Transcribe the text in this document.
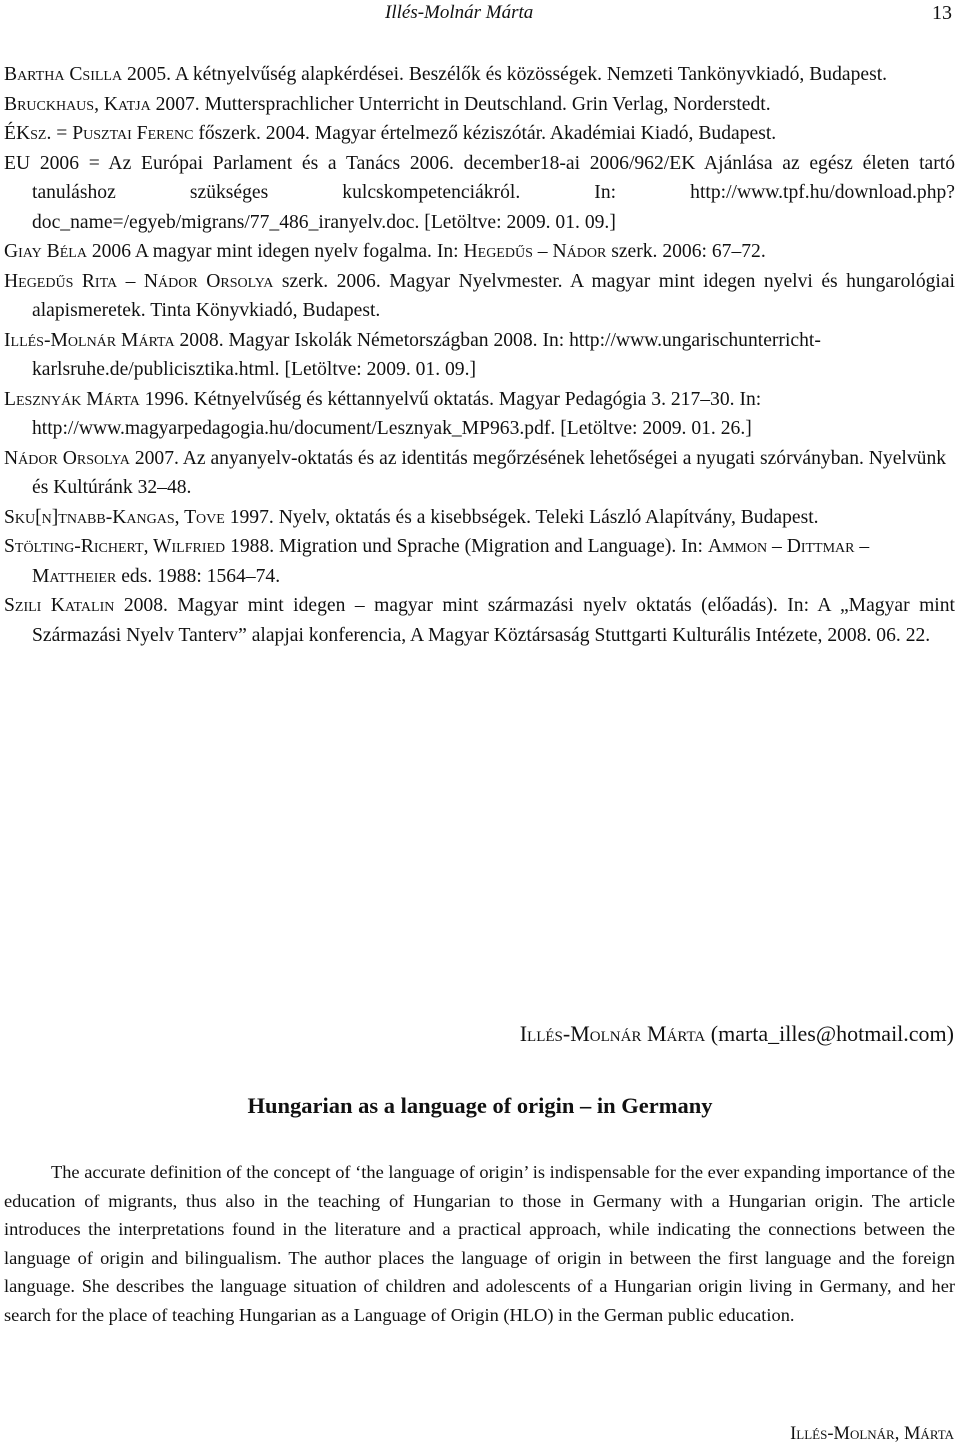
Illés-Molnár Márta	13

Bartha Csilla 2005. A kétnyelvűség alapkérdései. Beszélők és közösségek. Nemzeti Tankönyvkiadó, Budapest.

Bruckhaus, Katja 2007. Muttersprachlicher Unterricht in Deutschland. Grin Verlag, Norderstedt.

ÉKsz. = Pusztai Ferenc főszerk. 2004. Magyar értelmező kéziszótár. Akadémiai Kiadó, Budapest.

EU 2006 = Az Európai Parlament és a Tanács 2006. december18-ai 2006/962/EK Ajánlása az egész életen tartó tanuláshoz szükséges kulcskompetenciákról. In: http://www.tpf.hu/download.php?doc_name=/egyeb/migrans/77_486_iranyelv.doc. [Letöltve: 2009. 01. 09.]

Giay Béla 2006 A magyar mint idegen nyelv fogalma. In: Hegedűs – Nádor szerk. 2006: 67–72.

Hegedűs Rita – Nádor Orsolya szerk. 2006. Magyar Nyelvmester. A magyar mint idegen nyelvi és hungarológiai alapismeretek. Tinta Könyvkiadó, Budapest.

Illés-Molnár Márta 2008. Magyar Iskolák Németországban 2008. In: http://www.ungarischunterricht-karlsruhe.de/publicisztika.html. [Letöltve: 2009. 01. 09.]

Lesznyák Márta 1996. Kétnyelvűség és kéttannyelvű oktatás. Magyar Pedagógia 3. 217–30. In: http://www.magyarpedagogia.hu/document/Lesznyak_MP963.pdf. [Letöltve: 2009. 01. 26.]

Nádor Orsolya 2007. Az anyanyelv-oktatás és az identitás megőrzésének lehetőségei a nyugati szórványban. Nyelvünk és Kultúránk 32–48.

Sku[n]tnabb-Kangas, Tove 1997. Nyelv, oktatás és a kisebbségek. Teleki László Alapítvány, Budapest.

Stölting-Richert, Wilfried 1988. Migration und Sprache (Migration and Language). In: Ammon – Dittmar – Mattheier eds. 1988: 1564–74.

Szili Katalin 2008. Magyar mint idegen – magyar mint származási nyelv oktatás (előadás). In: A „Magyar mint Származási Nyelv Tanterv” alapjai konferencia, A Magyar Köztársaság Stuttgarti Kulturális Intézete, 2008. 06. 22.

Illés-Molnár Márta (marta_illes@hotmail.com)
Hungarian as a language of origin – in Germany

The accurate definition of the concept of ‘the language of origin’ is indispensable for the ever expanding importance of the education of migrants, thus also in the teaching of Hungarian to those in Germany with a Hungarian origin. The article introduces the interpretations found in the literature and a practical approach, while indicating the connections between the language of origin and bilingualism. The author places the language of origin in between the first language and the foreign language. She describes the language situation of children and adolescents of a Hungarian origin living in Germany, and her search for the place of teaching Hungarian as a Language of Origin (HLO) in the German public education.

Illés-Molnár, Márta
